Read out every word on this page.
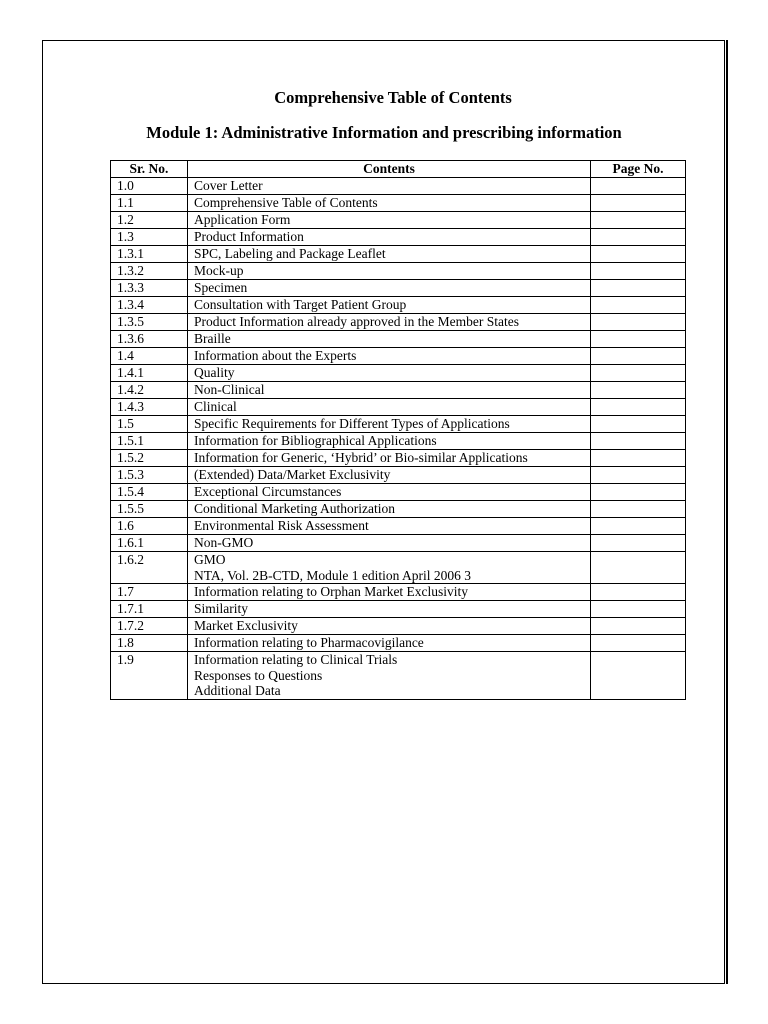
Comprehensive Table of Contents
Module 1: Administrative Information and prescribing information
Sr. No.	Contents	Page No.
1.0	Cover Letter	

1.1	Comprehensive Table of Contents	

1.2	Application Form	

1.3	Product Information	

1.3.1	SPC, Labeling and Package Leaflet	

1.3.2	Mock-up	

1.3.3	Specimen	

1.3.4	Consultation with Target Patient Group	

1.3.5	Product Information already approved in the Member States	

1.3.6	Braille	

1.4	Information about the Experts	

1.4.1	Quality	

1.4.2	Non-Clinical	

1.4.3	Clinical	

1.5	Specific Requirements for Different Types of Applications	

1.5.1	Information for Bibliographical Applications	

1.5.2	Information for Generic, ‘Hybrid’ or Bio-similar Applications	

1.5.3	(Extended) Data/Market Exclusivity	

1.5.4	Exceptional Circumstances	

1.5.5	Conditional Marketing Authorization	

1.6	Environmental Risk Assessment	

1.6.1	Non-GMO	

1.6.2	GMO
NTA, Vol. 2B-CTD, Module 1 edition April 2006 3	

1.7	Information relating to Orphan Market Exclusivity	

1.7.1	Similarity	

1.7.2	Market Exclusivity	

1.8	Information relating to Pharmacovigilance	

1.9	Information relating to Clinical Trials
Responses to Questions
Additional Data	
